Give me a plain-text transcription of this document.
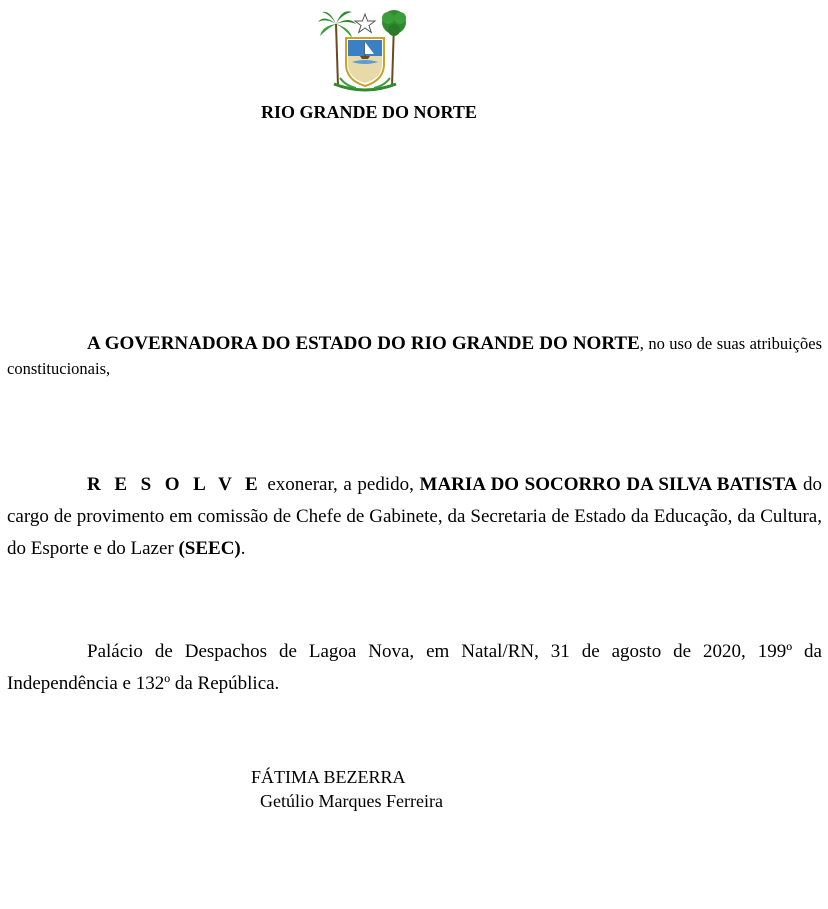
RIO GRANDE DO NORTE

A GOVERNADORA DO ESTADO DO RIO GRANDE DO NORTE, no uso de suas atribuições constitucionais,

R E S O L V E exonerar, a pedido, MARIA DO SOCORRO DA SILVA BATISTA do cargo de provimento em comissão de Chefe de Gabinete, da Secretaria de Estado da Educação, da Cultura, do Esporte e do Lazer (SEEC).

Palácio de Despachos de Lagoa Nova, em Natal/RN, 31 de agosto de 2020, 199º da Independência e 132º da República.

FÁTIMA BEZERRA
Getúlio Marques Ferreira
